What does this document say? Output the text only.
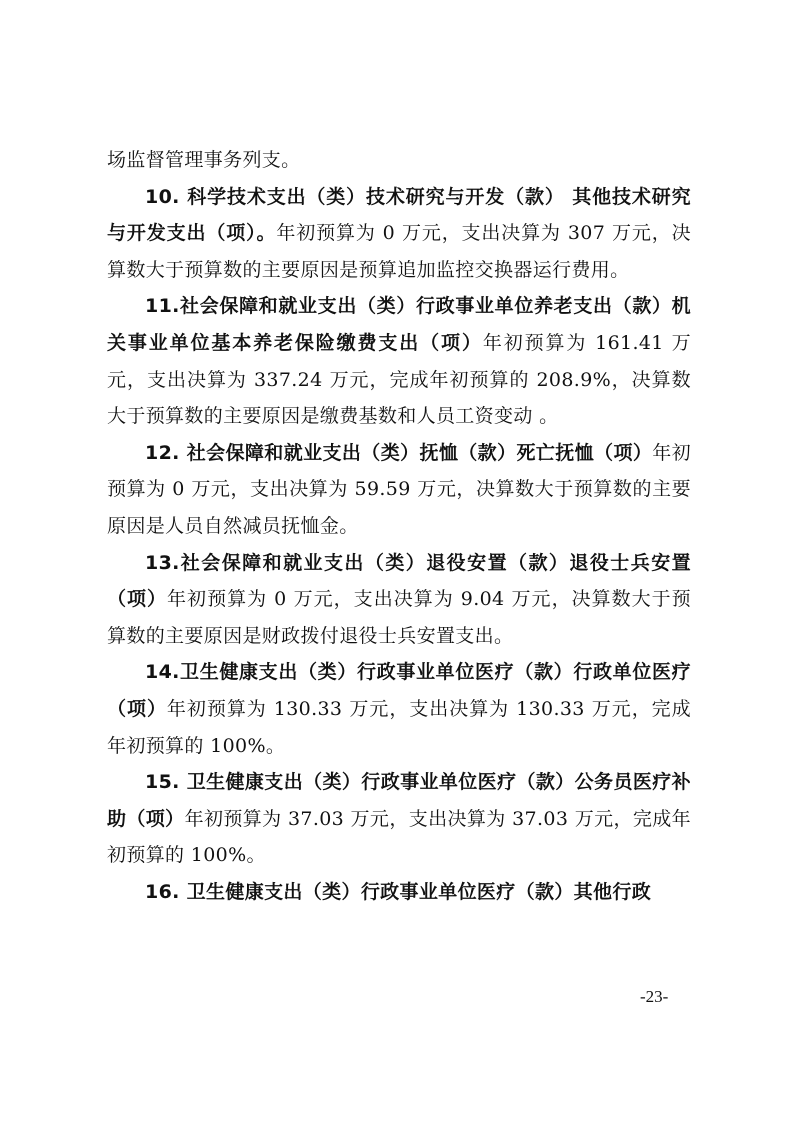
场监督管理事务列支。

10. 科学技术支出（类）技术研究与开发（款） 其他技术研究与开发支出（项）。年初预算为 0 万元，支出决算为 307 万元，决算数大于预算数的主要原因是预算追加监控交换器运行费用。

11.社会保障和就业支出（类）行政事业单位养老支出（款）机关事业单位基本养老保险缴费支出（项）年初预算为 161.41 万元，支出决算为 337.24 万元，完成年初预算的 208.9%，决算数大于预算数的主要原因是缴费基数和人员工资变动 。

12. 社会保障和就业支出（类）抚恤（款）死亡抚恤（项）年初预算为 0 万元，支出决算为 59.59 万元，决算数大于预算数的主要原因是人员自然减员抚恤金。

13.社会保障和就业支出（类）退役安置（款）退役士兵安置（项）年初预算为 0 万元，支出决算为 9.04 万元，决算数大于预算数的主要原因是财政拨付退役士兵安置支出。

14.卫生健康支出（类）行政事业单位医疗（款）行政单位医疗（项）年初预算为 130.33 万元，支出决算为 130.33 万元，完成年初预算的 100%。

15. 卫生健康支出（类）行政事业单位医疗（款）公务员医疗补助（项）年初预算为 37.03 万元，支出决算为 37.03 万元，完成年初预算的 100%。

16. 卫生健康支出（类）行政事业单位医疗（款）其他行政

-23-
